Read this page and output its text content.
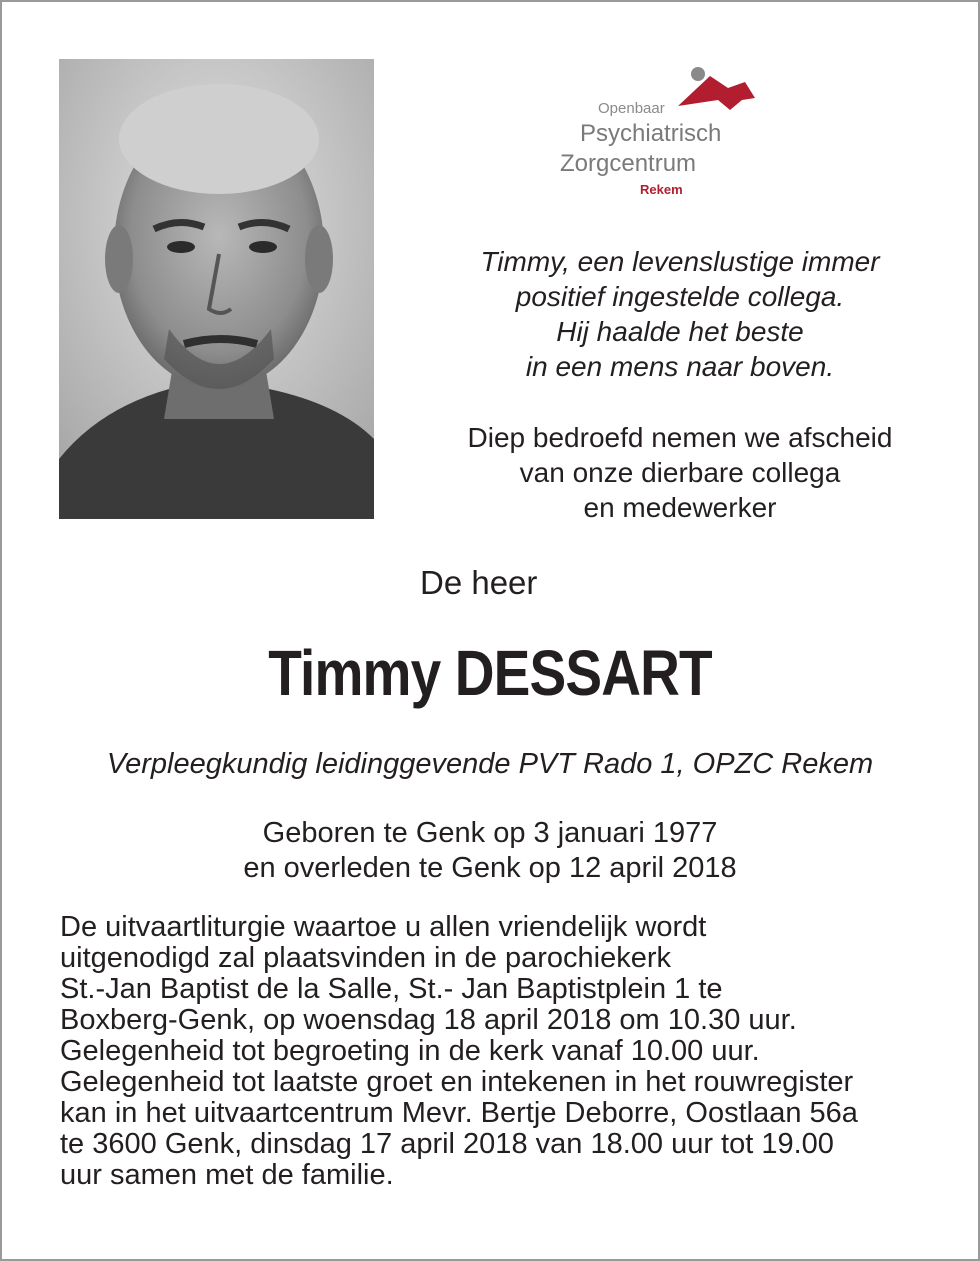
Openbaar
Psychiatrisch
Zorgcentrum
Rekem
Timmy, een levenslustige immer
positief ingestelde collega.
Hij haalde het beste
in een mens naar boven.
Diep bedroefd nemen we afscheid
van onze dierbare collega
en medewerker
De heer
Timmy DESSART
Verpleegkundig leidinggevende PVT Rado 1, OPZC Rekem
Geboren te Genk op 3 januari 1977
en overleden te Genk op 12 april 2018
De uitvaartliturgie waartoe u allen vriendelijk wordt
uitgenodigd zal plaatsvinden in de parochiekerk
St.-Jan Baptist de la Salle, St.- Jan Baptistplein 1 te
Boxberg-Genk, op woensdag 18 april 2018 om 10.30 uur.
Gelegenheid tot begroeting in de kerk vanaf 10.00 uur.
Gelegenheid tot laatste groet en intekenen in het rouwregister
kan in het uitvaartcentrum Mevr. Bertje Deborre, Oostlaan 56a
te 3600 Genk, dinsdag 17 april 2018 van 18.00 uur tot 19.00
uur samen met de familie.
